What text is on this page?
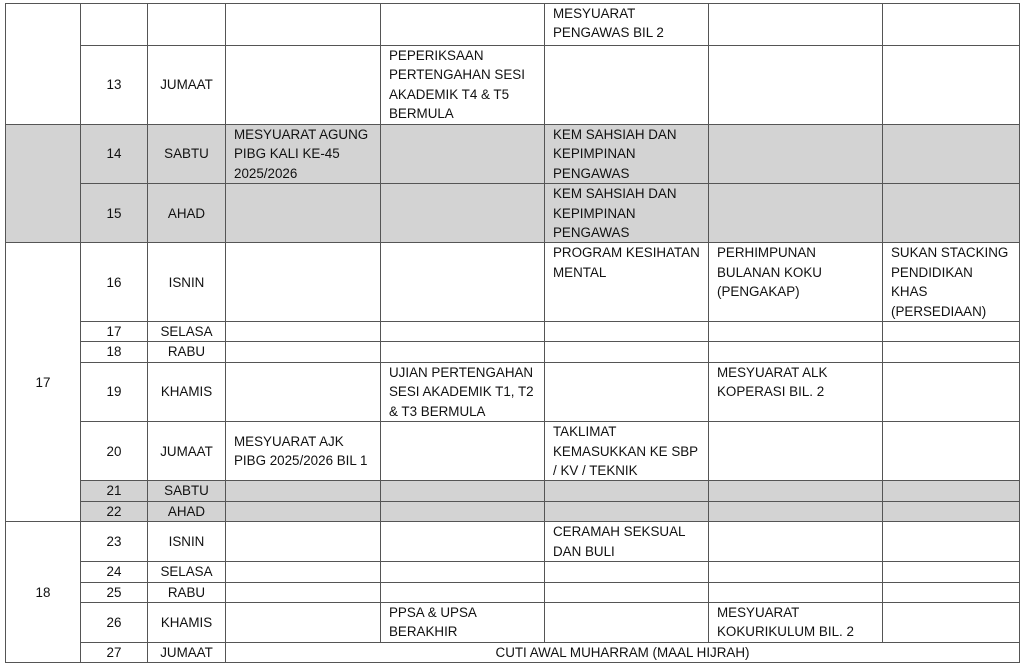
					MESYUARAT PENGAWAS BIL 2		
	13	JUMAAT		PEPERIKSAAN PERTENGAHAN SESI AKADEMIK T4 & T5 BERMULA			
	14	SABTU	MESYUARAT AGUNG PIBG KALI KE-45 2025/2026		KEM SAHSIAH DAN KEPIMPINAN PENGAWAS		
	15	AHAD			KEM SAHSIAH DAN KEPIMPINAN PENGAWAS		
17	16	ISNIN			PROGRAM KESIHATAN MENTAL	PERHIMPUNAN BULANAN KOKU (PENGAKAP)	SUKAN STACKING PENDIDIKAN KHAS (PERSEDIAAN)
	17	SELASA					
	18	RABU					
	19	KHAMIS		UJIAN PERTENGAHAN SESI AKADEMIK T1, T2 & T3 BERMULA		MESYUARAT ALK KOPERASI BIL. 2	
	20	JUMAAT	MESYUARAT AJK PIBG 2025/2026 BIL 1		TAKLIMAT KEMASUKKAN KE SBP / KV / TEKNIK		
	21	SABTU					
	22	AHAD					
18	23	ISNIN			CERAMAH SEKSUAL DAN BULI		
	24	SELASA					
	25	RABU					
	26	KHAMIS		PPSA & UPSA BERAKHIR		MESYUARAT KOKURIKULUM BIL. 2	
	27	JUMAAT	CUTI AWAL MUHARRAM (MAAL HIJRAH)				
